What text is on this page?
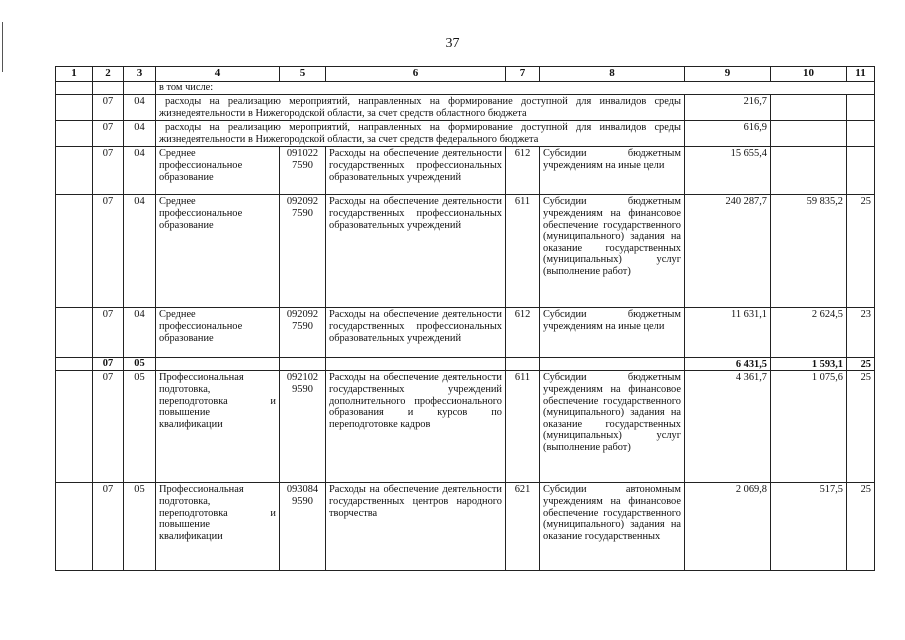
37
1	2	3	4	5	6	7	8	9	10	11
			в том числе:							
	07	04	расходы на реализацию мероприятий, направленных на формирование доступной для инвалидов среды жизнедеятельности в Нижегородской области, за счет средств областного бюджета					216,7		
	07	04	расходы на реализацию мероприятий, направленных на формирование доступной для инвалидов среды жизнедеятельности в Нижегородской области, за счет средств федерального бюджета					616,9		
	07	04	Среднее профессиональное образование	091022 7590	Расходы на обеспечение деятельности государственных профессиональных образовательных учреждений	612	Субсидии бюджетным учреждениям на иные цели	15 655,4		
	07	04	Среднее профессиональное образование	092092 7590	Расходы на обеспечение деятельности государственных профессиональных образовательных учреждений	611	Субсидии бюджетным учреждениям на финансовое обеспечение государственного (муниципального) задания на оказание государственных (муниципальных) услуг (выполнение работ)	240 287,7	59 835,2	25
	07	04	Среднее профессиональное образование	092092 7590	Расходы на обеспечение деятельности государственных профессиональных образовательных учреждений	612	Субсидии бюджетным учреждениям на иные цели	11 631,1	2 624,5	23
	07	05						6 431,5	1 593,1	25
	07	05	Профессиональная подготовка, переподготовка и повышение квалификации	092102 9590	Расходы на обеспечение деятельности государственных учреждений дополнительного профессионального образования и курсов по переподготовке кадров	611	Субсидии бюджетным учреждениям на финансовое обеспечение государственного (муниципального) задания на оказание государственных (муниципальных) услуг (выполнение работ)	4 361,7	1 075,6	25
	07	05	Профессиональная подготовка, переподготовка и повышение квалификации	093084 9590	Расходы на обеспечение деятельности государственных центров народного творчества	621	Субсидии автономным учреждениям на финансовое обеспечение государственного (муниципального) задания на оказание государственных	2 069,8	517,5	25
